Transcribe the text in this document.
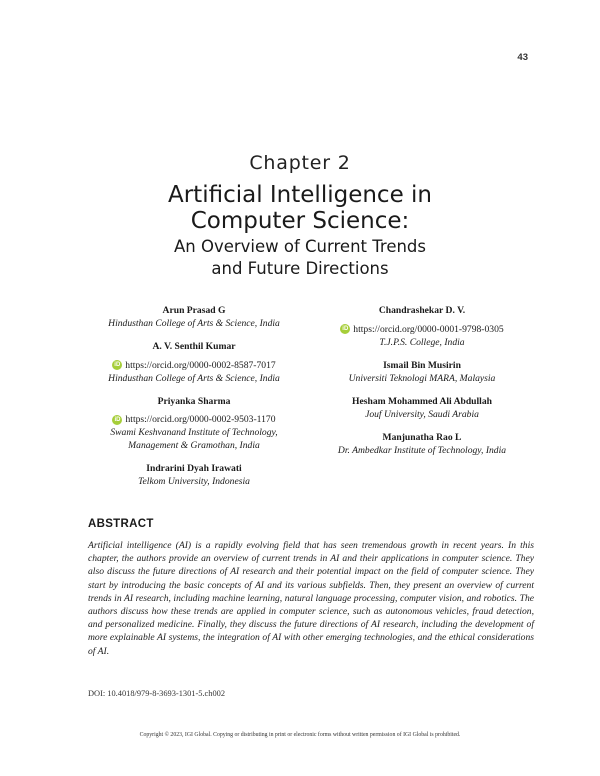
43
Chapter 2
Artificial Intelligence in
Computer Science:
An Overview of Current Trends
and Future Directions
Arun Prasad G
Hindusthan College of Arts & Science, India
A. V. Senthil Kumar
iD https://orcid.org/0000-0002-8587-7017
Hindusthan College of Arts & Science, India
Priyanka Sharma
iD https://orcid.org/0000-0002-9503-1170
Swami Keshvanand Institute of Technology,
Management & Gramothan, India
Indrarini Dyah Irawati
Telkom University, Indonesia
Chandrashekar D. V.
iD https://orcid.org/0000-0001-9798-0305
T.J.P.S. College, India
Ismail Bin Musirin
Universiti Teknologi MARA, Malaysia
Hesham Mohammed Ali Abdullah
Jouf University, Saudi Arabia
Manjunatha Rao L
Dr. Ambedkar Institute of Technology, India
ABSTRACT
Artificial intelligence (AI) is a rapidly evolving field that has seen tremendous growth in recent years. In this chapter, the authors provide an overview of current trends in AI and their applications in computer science. They also discuss the future directions of AI research and their potential impact on the field of computer science. They start by introducing the basic concepts of AI and its various subfields. Then, they present an overview of current trends in AI research, including machine learning, natural language processing, computer vision, and robotics. The authors discuss how these trends are applied in computer science, such as autonomous vehicles, fraud detection, and personalized medicine. Finally, they discuss the future directions of AI research, including the development of more explainable AI systems, the integration of AI with other emerging technologies, and the ethical considerations of AI.
DOI: 10.4018/979-8-3693-1301-5.ch002
Copyright © 2023, IGI Global. Copying or distributing in print or electronic forms without written permission of IGI Global is prohibited.
